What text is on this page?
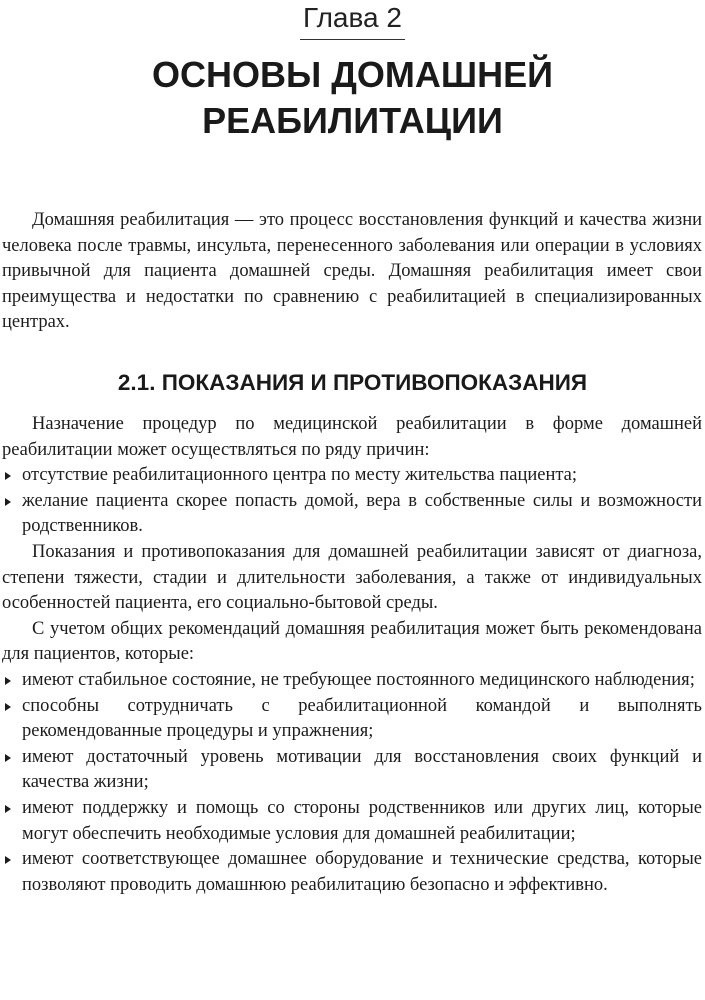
Глава 2
ОСНОВЫ ДОМАШНЕЙ РЕАБИЛИТАЦИИ

Домашняя реабилитация — это процесс восстановления функций и качества жизни человека после травмы, инсульта, перенесенного заболевания или операции в условиях привычной для пациента домашней среды. Домашняя реабилитация имеет свои преимущества и недостатки по сравнению с реабилитацией в специализированных центрах.

2.1. ПОКАЗАНИЯ И ПРОТИВОПОКАЗАНИЯ

Назначение процедур по медицинской реабилитации в форме домашней реабилитации может осуществляться по ряду причин:

отсутствие реабилитационного центра по месту жительства пациента;
желание пациента скорее попасть домой, вера в собственные силы и возможности родственников.

Показания и противопоказания для домашней реабилитации зависят от диагноза, степени тяжести, стадии и длительности заболевания, а также от индивидуальных особенностей пациента, его социально-бытовой среды.

С учетом общих рекомендаций домашняя реабилитация может быть рекомендована для пациентов, которые:

имеют стабильное состояние, не требующее постоянного медицинского наблюдения;
способны сотрудничать с реабилитационной командой и выполнять рекомендованные процедуры и упражнения;
имеют достаточный уровень мотивации для восстановления своих функций и качества жизни;
имеют поддержку и помощь со стороны родственников или других лиц, которые могут обеспечить необходимые условия для домашней реабилитации;
имеют соответствующее домашнее оборудование и технические средства, которые позволяют проводить домашнюю реабилитацию безопасно и эффективно.
